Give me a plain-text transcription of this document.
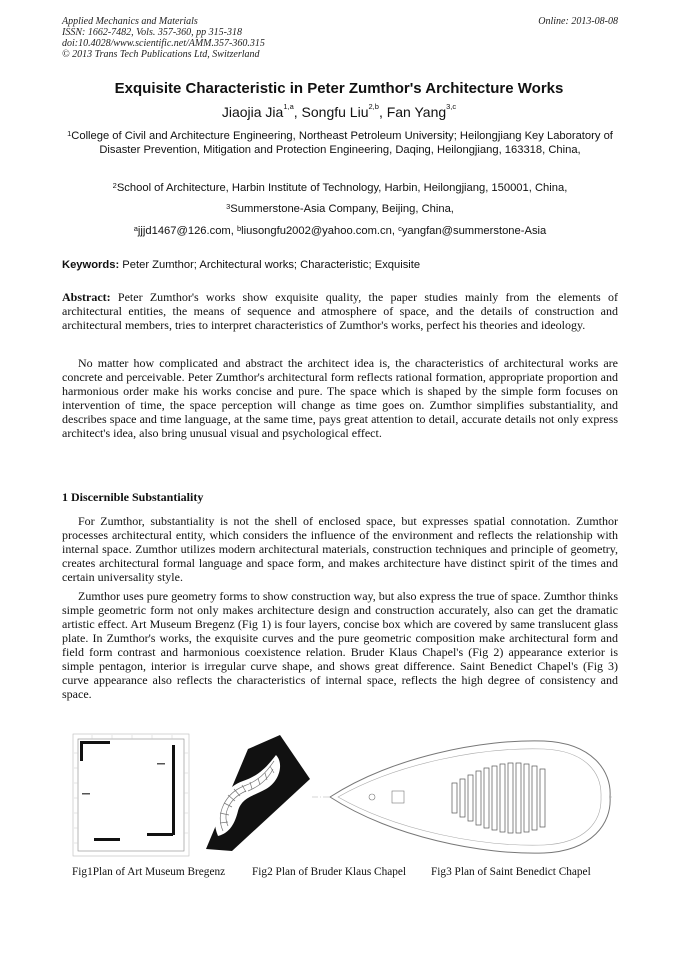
Applied Mechanics and Materials
ISSN: 1662-7482, Vols. 357-360, pp 315-318
doi:10.4028/www.scientific.net/AMM.357-360.315
© 2013 Trans Tech Publications Ltd, Switzerland
Online: 2013-08-08
Exquisite Characteristic in Peter Zumthor's Architecture Works
Jiaojia Jia$^{1,a}$, Songfu Liu$^{2,b}$, Fan Yang$^{3,c}$
$^1$College of Civil and Architecture Engineering, Northeast Petroleum University; Heilongjiang Key Laboratory of Disaster Prevention, Mitigation and Protection Engineering, Daqing, Heilongjiang, 163318, China,
$^2$School of Architecture, Harbin Institute of Technology, Harbin, Heilongjiang, 150001, China,
$^3$Summerstone-Asia Company, Beijing, China,
$^a$jjjd1467@126.com, $^b$liusongfu2002@yahoo.com.cn, $^c$yangfan@summerstone-Asia
Keywords: Peter Zumthor; Architectural works; Characteristic; Exquisite
Abstract: Peter Zumthor's works show exquisite quality, the paper studies mainly from the elements of architectural entities, the means of sequence and atmosphere of space, and the details of construction and architectural members, tries to interpret characteristics of Zumthor's works, perfect his theories and ideology.
No matter how complicated and abstract the architect idea is, the characteristics of architectural works are concrete and perceivable. Peter Zumthor's architectural form reflects rational formation, appropriate proportion and harmonious order make his works concise and pure. The space which is shaped by the simple form focuses on intervention of time, the space perception will change as time goes on. Zumthor simplifies substantiality, and describes space and time language, at the same time, pays great attention to detail, accurate details not only express architect's idea, also bring unusual visual and psychological effect.
1 Discernible Substantiality
For Zumthor, substantiality is not the shell of enclosed space, but expresses spatial connotation. Zumthor processes architectural entity, which considers the influence of the environment and reflects the relationship with internal space. Zumthor utilizes modern architectural materials, construction techniques and principle of geometry, creates architectural formal language and space form, and makes architecture have distinct spirit of the times and certain universality style.
Zumthor uses pure geometry forms to show construction way, but also express the true of space. Zumthor thinks simple geometric form not only makes architecture design and construction accurately, also can get the dramatic artistic effect. Art Museum Bregenz (Fig 1) is four layers, concise box which are covered by same translucent glass plate. In Zumthor's works, the exquisite curves and the pure geometric composition make architectural form and field form contrast and harmonious coexistence relation. Bruder Klaus Chapel's (Fig 2) appearance exterior is simple pentagon, interior is irregular curve shape, and shows great difference. Saint Benedict Chapel's (Fig 3) curve appearance also reflects the characteristics of internal space, reflects the high degree of consistency and space.
Fig1Plan of Art Museum Bregenz Fig2 Plan of Bruder Klaus Chapel Fig3 Plan of Saint Benedict Chapel
